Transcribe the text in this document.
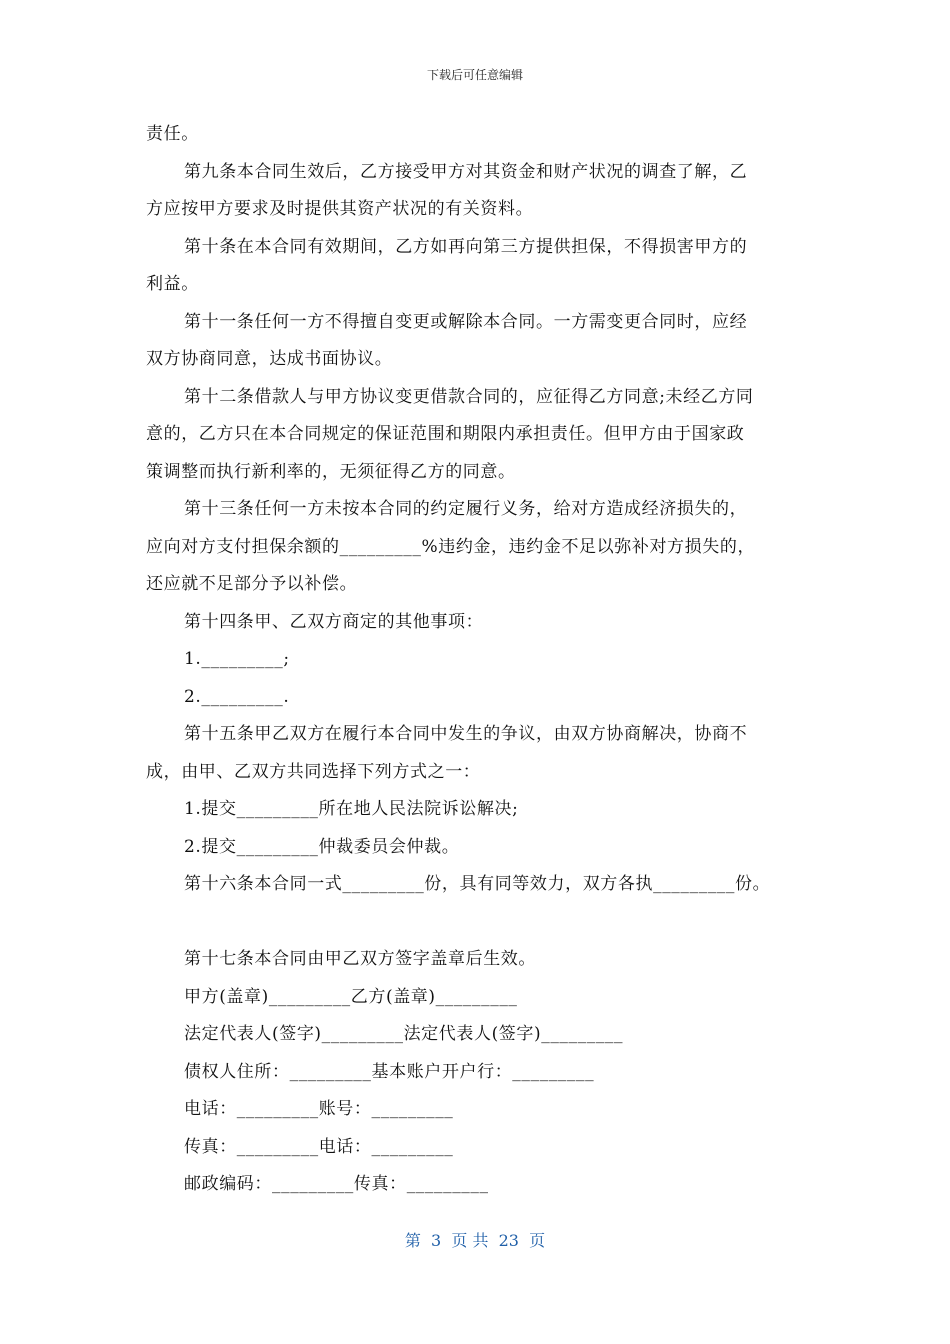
下载后可任意编辑

责任。

第九条本合同生效后，乙方接受甲方对其资金和财产状况的调查了解，乙

方应按甲方要求及时提供其资产状况的有关资料。

第十条在本合同有效期间，乙方如再向第三方提供担保，不得损害甲方的

利益。

第十一条任何一方不得擅自变更或解除本合同。一方需变更合同时，应经

双方协商同意，达成书面协议。

第十二条借款人与甲方协议变更借款合同的，应征得乙方同意;未经乙方同

意的，乙方只在本合同规定的保证范围和期限内承担责任。但甲方由于国家政

策调整而执行新利率的，无须征得乙方的同意。

第十三条任何一方未按本合同的约定履行义务，给对方造成经济损失的，

应向对方支付担保余额的_________%违约金，违约金不足以弥补对方损失的，

还应就不足部分予以补偿。

第十四条甲、乙双方商定的其他事项：

1._________;

2._________.

第十五条甲乙双方在履行本合同中发生的争议，由双方协商解决，协商不

成，由甲、乙双方共同选择下列方式之一：

1.提交_________所在地人民法院诉讼解决;

2.提交_________仲裁委员会仲裁。

第十六条本合同一式_________份，具有同等效力，双方各执_________份。

第十七条本合同由甲乙双方签字盖章后生效。

甲方(盖章)_________乙方(盖章)_________

法定代表人(签字)_________法定代表人(签字)_________

债权人住所：_________基本账户开户行：_________

电话：_________账号：_________

传真：_________电话：_________

邮政编码：_________传真：_________

第  3  页 共  23  页
